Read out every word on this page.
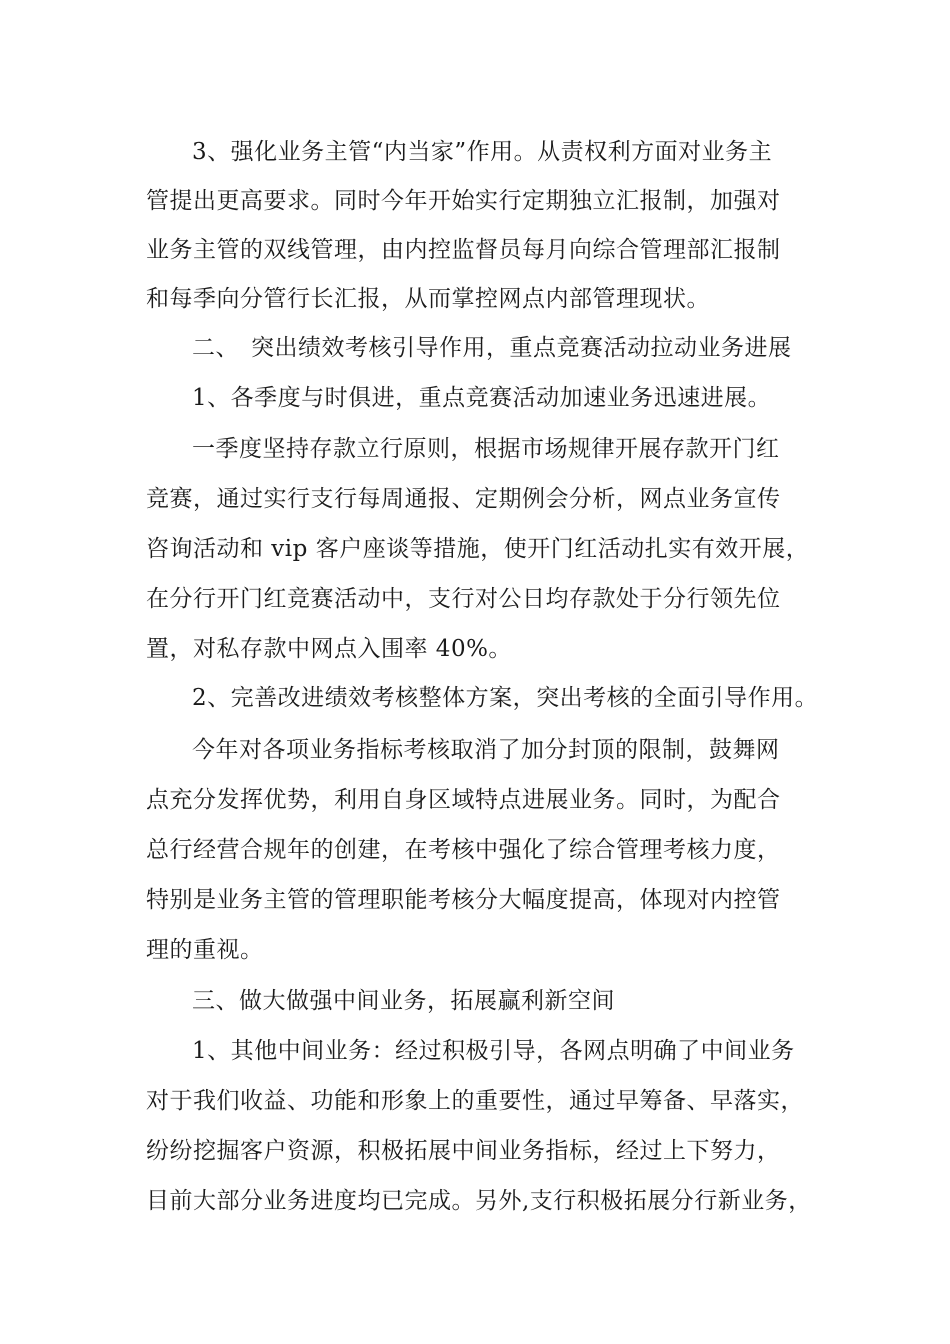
3、强化业务主管“内当家”作用。从责权利方面对业务主
管提出更高要求。同时今年开始实行定期独立汇报制，加强对
业务主管的双线管理，由内控监督员每月向综合管理部汇报制
和每季向分管行长汇报，从而掌控网点内部管理现状。
二、　突出绩效考核引导作用，重点竞赛活动拉动业务进展
1、各季度与时俱进，重点竞赛活动加速业务迅速进展。
一季度坚持存款立行原则，根据市场规律开展存款开门红
竞赛，通过实行支行每周通报、定期例会分析，网点业务宣传
咨询活动和 vip 客户座谈等措施，使开门红活动扎实有效开展，
在分行开门红竞赛活动中，支行对公日均存款处于分行领先位
置，对私存款中网点入围率 40%。
2、完善改进绩效考核整体方案，突出考核的全面引导作用。
今年对各项业务指标考核取消了加分封顶的限制，鼓舞网
点充分发挥优势，利用自身区域特点进展业务。同时，为配合
总行经营合规年的创建，在考核中强化了综合管理考核力度，
特别是业务主管的管理职能考核分大幅度提高，体现对内控管
理的重视。
三、做大做强中间业务，拓展赢利新空间
1、其他中间业务：经过积极引导，各网点明确了中间业务
对于我们收益、功能和形象上的重要性，通过早筹备、早落实，
纷纷挖掘客户资源，积极拓展中间业务指标，经过上下努力，
目前大部分业务进度均已完成。另外,支行积极拓展分行新业务，
